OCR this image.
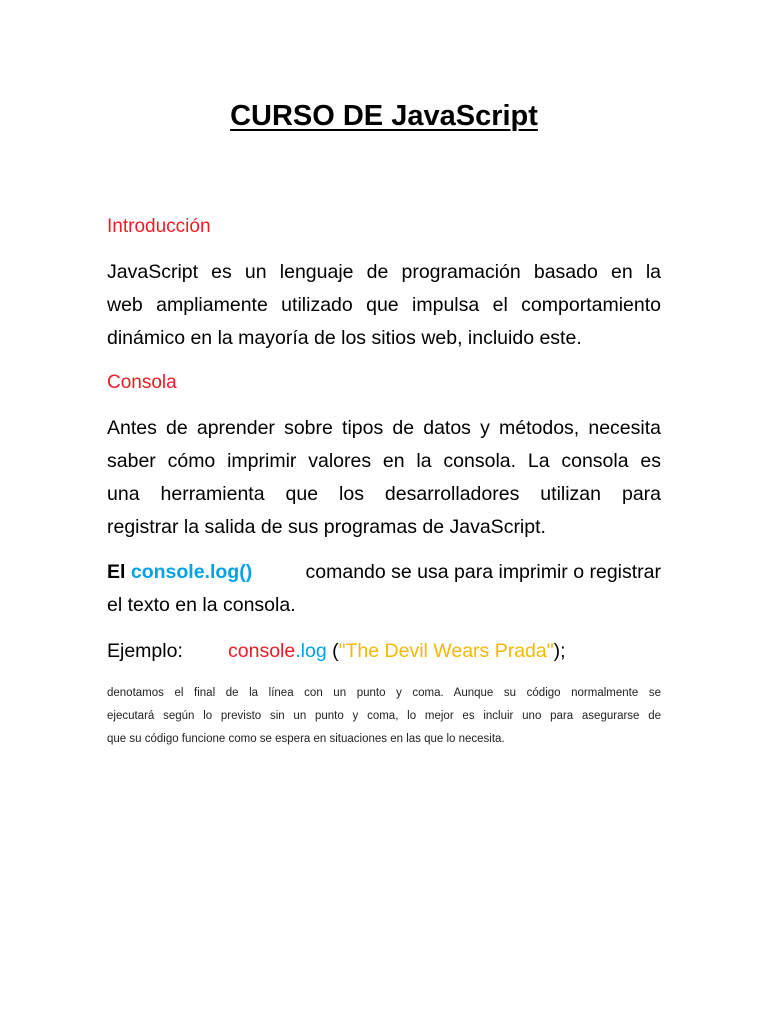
CURSO DE JavaScript

Introducción

JavaScript es un lenguaje de programación basado en la
web ampliamente utilizado que impulsa el comportamiento
dinámico en la mayoría de los sitios web, incluido este.

Consola

Antes de aprender sobre tipos de datos y métodos, necesita
saber cómo imprimir valores en la consola. La consola es
una herramienta que los desarrolladores utilizan para
registrar la salida de sus programas de JavaScript.
El console.log()	comando se usa para imprimir o registrar
el texto en la consola.

Ejemplo: console.log ("The Devil Wears Prada");

denotamos el final de la línea con un punto y coma. Aunque su código normalmente se
ejecutará según lo previsto sin un punto y coma, lo mejor es incluir uno para asegurarse de
que su código funcione como se espera en situaciones en las que lo necesita.
